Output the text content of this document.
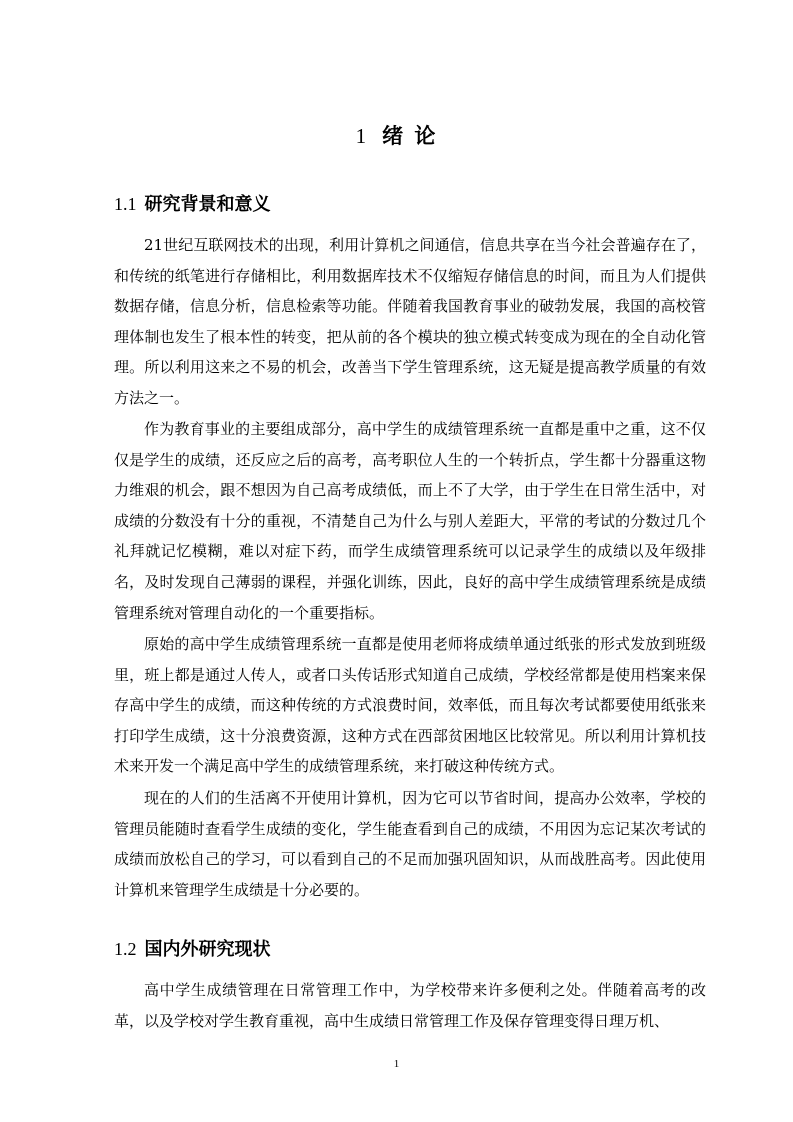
1 绪 论
1.1 研究背景和意义

21世纪互联网技术的出现，利用计算机之间通信，信息共享在当今社会普遍存在了，和传统的纸笔进行存储相比，利用数据库技术不仅缩短存储信息的时间，而且为人们提供数据存储，信息分析，信息检索等功能。伴随着我国教育事业的破勃发展，我国的高校管理体制也发生了根本性的转变，把从前的各个模块的独立模式转变成为现在的全自动化管理。所以利用这来之不易的机会，改善当下学生管理系统，这无疑是提高教学质量的有效方法之一。

作为教育事业的主要组成部分，高中学生的成绩管理系统一直都是重中之重，这不仅仅是学生的成绩，还反应之后的高考，高考职位人生的一个转折点，学生都十分器重这物力维艰的机会，跟不想因为自己高考成绩低，而上不了大学，由于学生在日常生活中，对成绩的分数没有十分的重视，不清楚自己为什么与别人差距大，平常的考试的分数过几个礼拜就记忆模糊，难以对症下药，而学生成绩管理系统可以记录学生的成绩以及年级排名，及时发现自己薄弱的课程，并强化训练，因此，良好的高中学生成绩管理系统是成绩管理系统对管理自动化的一个重要指标。

原始的高中学生成绩管理系统一直都是使用老师将成绩单通过纸张的形式发放到班级里，班上都是通过人传人，或者口头传话形式知道自己成绩，学校经常都是使用档案来保存高中学生的成绩，而这种传统的方式浪费时间，效率低，而且每次考试都要使用纸张来打印学生成绩，这十分浪费资源，这种方式在西部贫困地区比较常见。所以利用计算机技术来开发一个满足高中学生的成绩管理系统，来打破这种传统方式。

现在的人们的生活离不开使用计算机，因为它可以节省时间，提高办公效率，学校的管理员能随时查看学生成绩的变化，学生能查看到自己的成绩，不用因为忘记某次考试的成绩而放松自己的学习，可以看到自己的不足而加强巩固知识，从而战胜高考。因此使用计算机来管理学生成绩是十分必要的。

1.2 国内外研究现状

高中学生成绩管理在日常管理工作中，为学校带来许多便利之处。伴随着高考的改革，以及学校对学生教育重视，高中生成绩日常管理工作及保存管理变得日理万机、

1
